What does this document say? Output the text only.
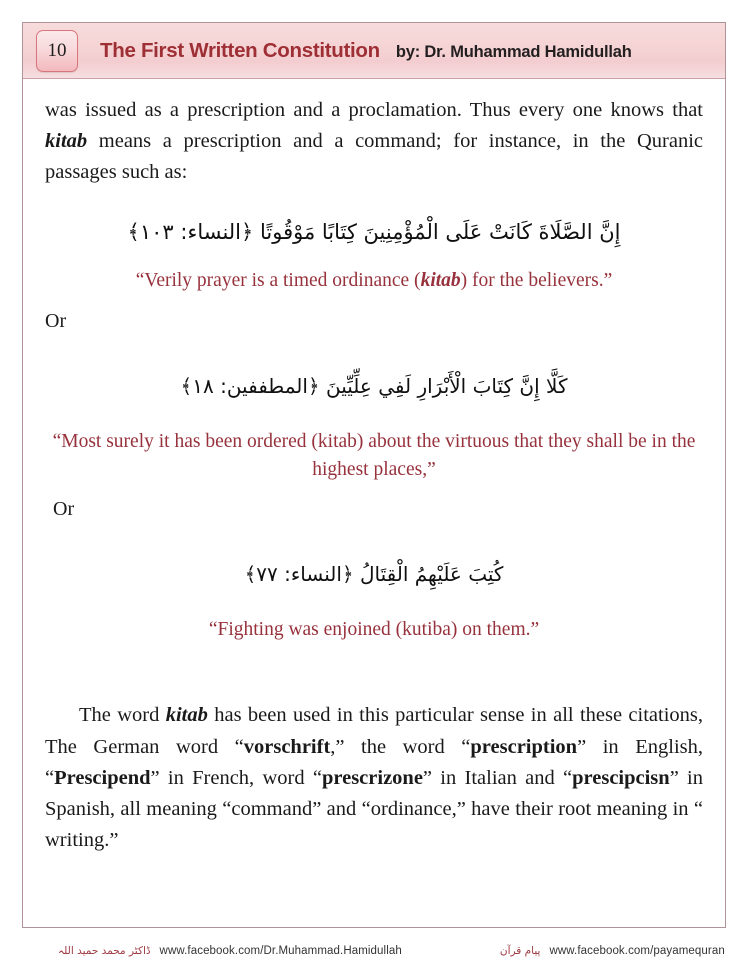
10 The First Written Constitution by: Dr. Muhammad Hamidullah

was issued as a prescription and a proclamation. Thus every one knows that kitab means a prescription and a command; for instance, in the Quranic passages such as:

إِنَّ الصَّلَاةَ كَانَتْ عَلَى الْمُؤْمِنِينَ كِتَابًا مَوْقُوتًا ﴿النساء: ١٠٣﴾

“Verily prayer is a timed ordinance (kitab) for the believers.”

Or

كَلَّا إِنَّ كِتَابَ الْأَبْرَارِ لَفِي عِلِّيِّينَ ﴿المطففين: ١٨﴾

“Most surely it has been ordered (kitab) about the virtuous that they shall be in the highest places,”

Or

كُتِبَ عَلَيْهِمُ الْقِتَالُ ﴿النساء: ٧٧﴾

“Fighting was enjoined (kutiba) on them.”

The word kitab has been used in this particular sense in all these citations, The German word “vorschrift,” the word “prescription” in English, “Prescipend” in French, word “prescrizone” in Italian and “prescipcisn” in Spanish, all meaning “command” and “ordinance,” have their root meaning in “ writing.”

ڈاکٹر محمد حمید اللہ www.facebook.com/Dr.Muhammad.Hamidullah	پیام قرآن www.facebook.com/payamequran
